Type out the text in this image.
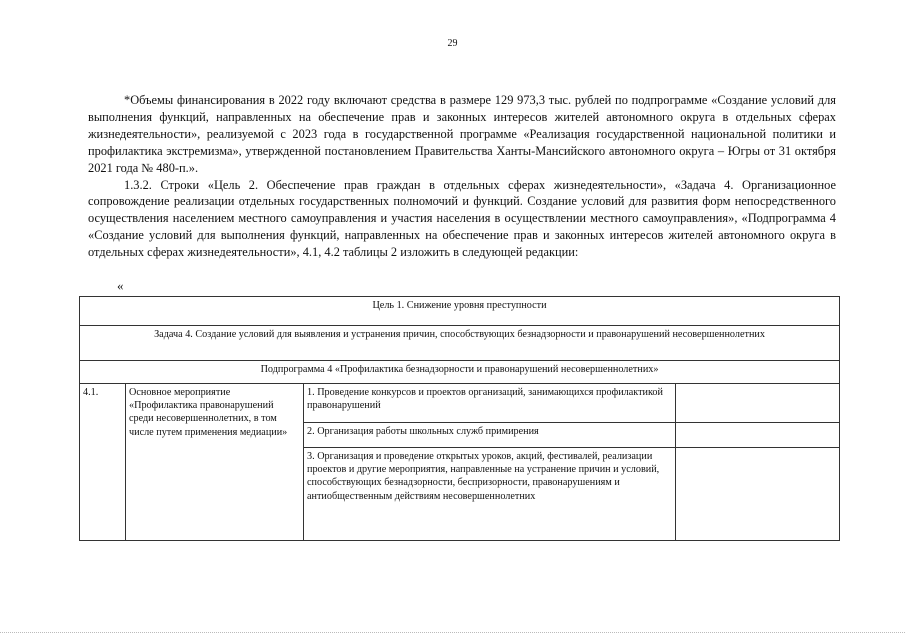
29

*Объемы финансирования в 2022 году включают средства в размере 129 973,3 тыс. рублей по подпрограмме «Создание условий для выполнения функций, направленных на обеспечение прав и законных интересов жителей автономного округа в отдельных сферах жизнедеятельности», реализуемой с 2023 года в государственной программе «Реализация государственной национальной политики и профилактика экстремизма», утвержденной постановлением Правительства Ханты-Мансийского автономного округа – Югры от 31 октября 2021 года № 480-п.».

1.3.2. Строки «Цель 2. Обеспечение прав граждан в отдельных сферах жизнедеятельности», «Задача 4. Организационное сопровождение реализации отдельных государственных полномочий и функций. Создание условий для развития форм непосредственного осуществления населением местного самоуправления и участия населения в осуществлении местного самоуправления», «Подпрограмма 4 «Создание условий для выполнения функций, направленных на обеспечение прав и законных интересов жителей автономного округа в отдельных сферах жизнедеятельности», 4.1, 4.2 таблицы 2 изложить в следующей редакции:

«
Цель 1. Снижение уровня преступности			
Задача 4. Создание условий для выявления и устранения причин, способствующих безнадзорности и правонарушений несовершеннолетних			
Подпрограмма 4 «Профилактика безнадзорности и правонарушений несовершеннолетних»			
4.1.	Основное мероприятие «Профилактика правонарушений среди несовершеннолетних, в том числе путем применения медиации»	1. Проведение конкурсов и проектов организаций, занимающихся профилактикой правонарушений	

		2. Организация работы школьных служб примирения	

		3. Организация и проведение открытых уроков, акций, фестивалей, реализации проектов и другие мероприятия, направленные на устранение причин и условий, способствующих безнадзорности, беспризорности, правонарушениям и антиобщественным действиям несовершеннолетних	
